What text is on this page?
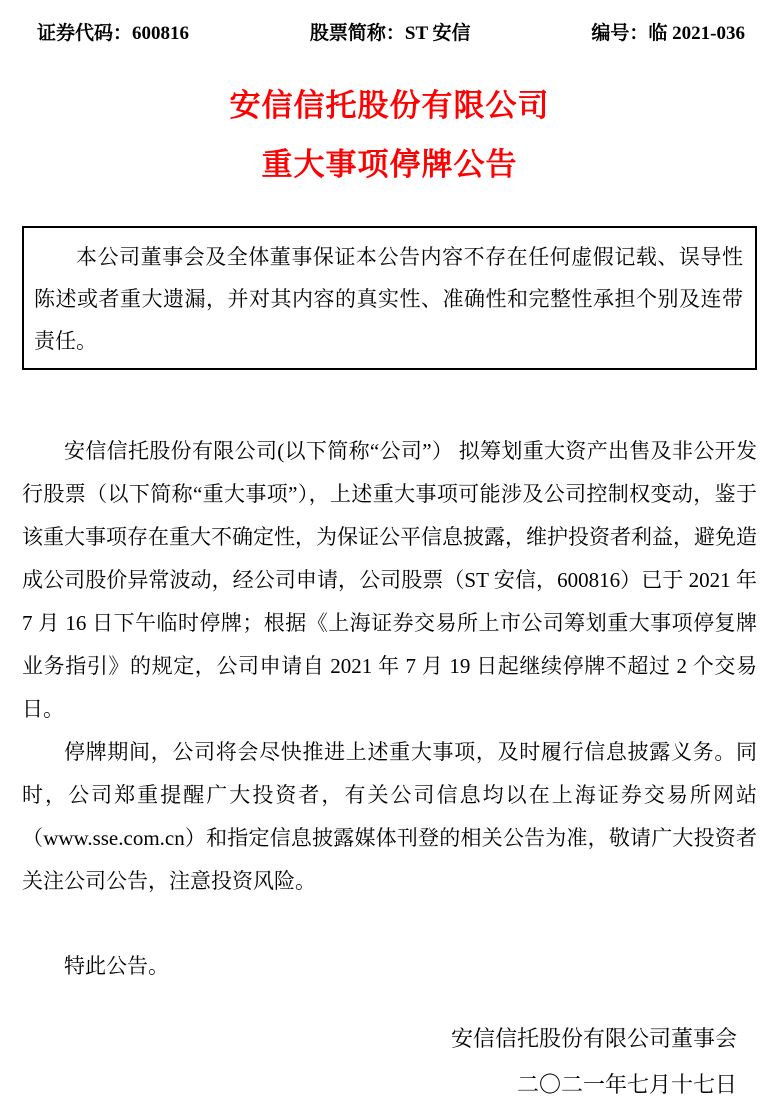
证券代码：600816	股票简称：ST 安信	编号：临 2021-036
安信信托股份有限公司
重大事项停牌公告

本公司董事会及全体董事保证本公告内容不存在任何虚假记载、误导性陈述或者重大遗漏，并对其内容的真实性、准确性和完整性承担个别及连带责任。

安信信托股份有限公司(以下简称“公司”） 拟筹划重大资产出售及非公开发行股票（以下简称“重大事项”），上述重大事项可能涉及公司控制权变动，鉴于该重大事项存在重大不确定性，为保证公平信息披露，维护投资者利益，避免造成公司股价异常波动，经公司申请，公司股票（ST 安信，600816）已于 2021 年 7 月 16 日下午临时停牌；根据《上海证券交易所上市公司筹划重大事项停复牌业务指引》的规定，公司申请自 2021 年 7 月 19 日起继续停牌不超过 2 个交易日。

停牌期间，公司将会尽快推进上述重大事项，及时履行信息披露义务。同时，公司郑重提醒广大投资者，有关公司信息均以在上海证券交易所网站（www.sse.com.cn）和指定信息披露媒体刊登的相关公告为准，敬请广大投资者关注公司公告，注意投资风险。

特此公告。

安信信托股份有限公司董事会
二〇二一年七月十七日
